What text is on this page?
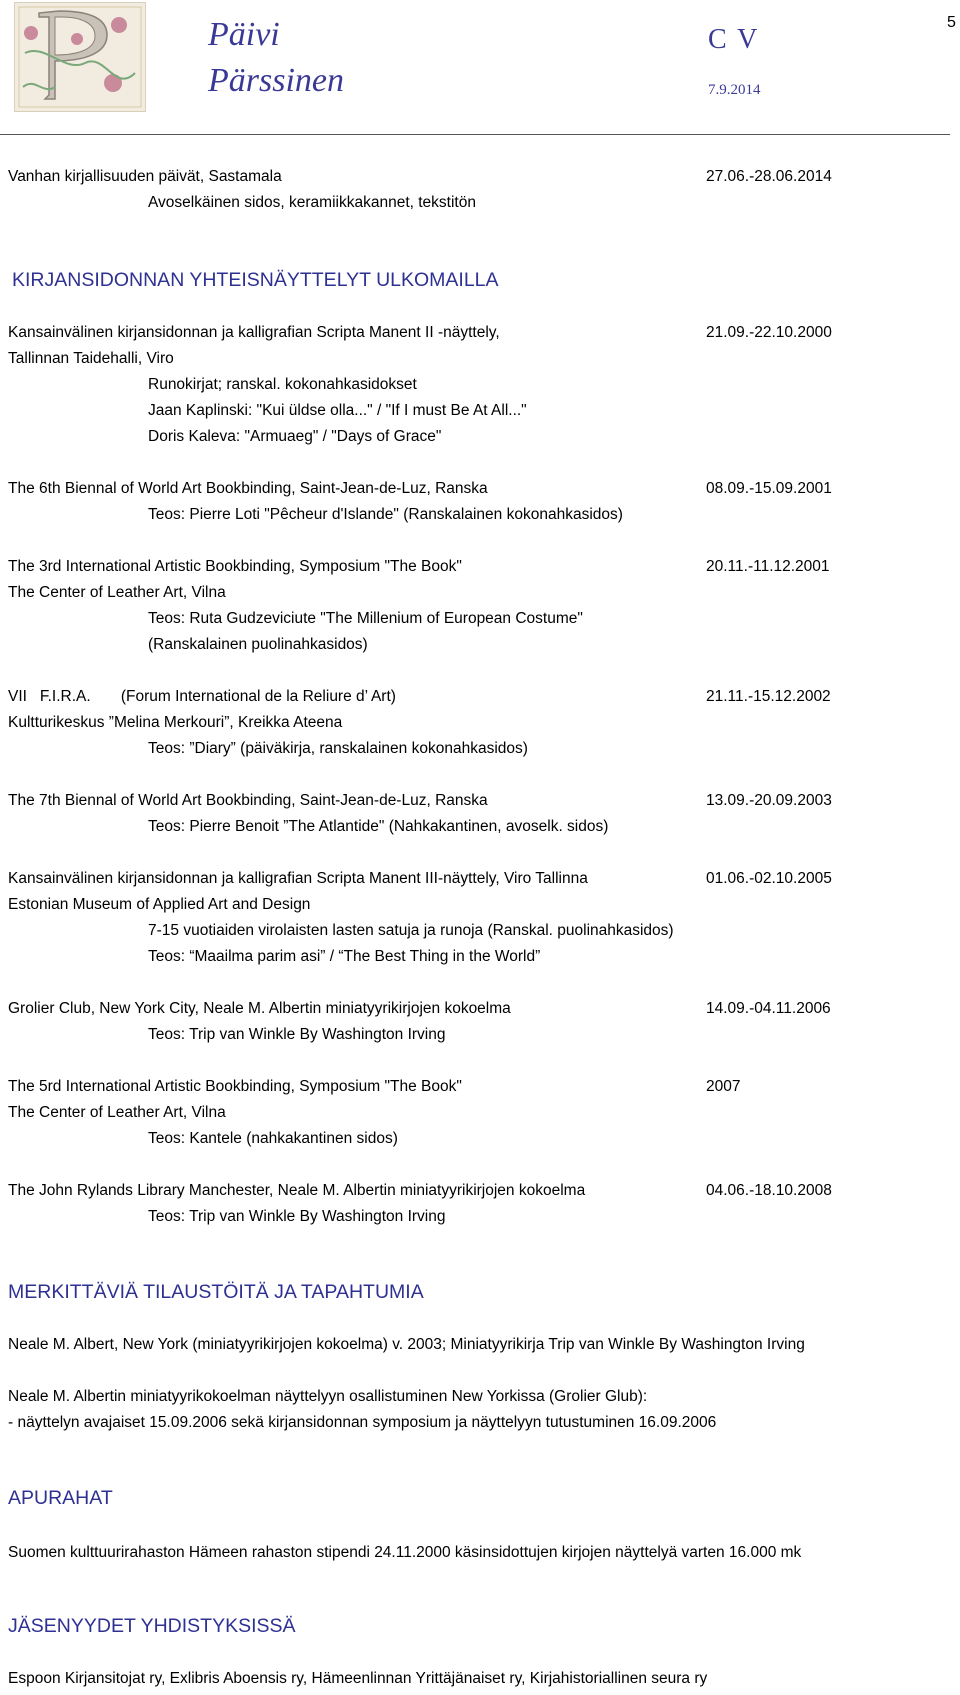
Päivi
Pärssinen
C V
7.9.2014
5
Vanhan kirjallisuuden päivät, Sastamala	27.06.-28.06.2014
Avoselkäinen sidos, keramiikkakannet, tekstitön
KIRJANSIDONNAN YHTEISNÄYTTELYT ULKOMAILLA
Kansainvälinen kirjansidonnan ja kalligrafian Scripta Manent II -näyttely,	21.09.-22.10.2000
Tallinnan Taidehalli, Viro
Runokirjat; ranskal. kokonahkasidokset
Jaan Kaplinski: "Kui üldse olla..." / "If I must Be At All..."
Doris Kaleva: "Armuaeg" / "Days of Grace"
The 6th Biennal of World Art Bookbinding, Saint-Jean-de-Luz, Ranska	08.09.-15.09.2001
Teos: Pierre Loti "Pêcheur d'Islande" (Ranskalainen kokonahkasidos)
The 3rd International Artistic Bookbinding, Symposium "The Book"	20.11.-11.12.2001
The Center of Leather Art, Vilna
Teos: Ruta Gudzeviciute "The Millenium of European Costume"
(Ranskalainen puolinahkasidos)
VII   F.I.R.A.       (Forum International de la Reliure d’ Art)	21.11.-15.12.2002
Kultturikeskus ”Melina Merkouri”, Kreikka Ateena
Teos: ”Diary” (päiväkirja, ranskalainen kokonahkasidos)
The 7th Biennal of World Art Bookbinding, Saint-Jean-de-Luz, Ranska	13.09.-20.09.2003
Teos: Pierre Benoit ”The Atlantide" (Nahkakantinen, avoselk. sidos)
Kansainvälinen kirjansidonnan ja kalligrafian Scripta Manent III-näyttely, Viro Tallinna	01.06.-02.10.2005
Estonian Museum of Applied Art and Design
7-15 vuotiaiden virolaisten lasten satuja ja runoja (Ranskal. puolinahkasidos)
Teos: “Maailma parim asi” / “The Best Thing in the World”
Grolier Club, New York City, Neale M. Albertin miniatyyrikirjojen kokoelma	14.09.-04.11.2006
Teos: Trip van Winkle By Washington Irving
The 5rd International Artistic Bookbinding, Symposium "The Book"	2007
The Center of Leather Art, Vilna
Teos: Kantele (nahkakantinen sidos)
The John Rylands Library Manchester, Neale M. Albertin miniatyyrikirjojen kokoelma	04.06.-18.10.2008
Teos: Trip van Winkle By Washington Irving
MERKITTÄVIÄ TILAUSTÖITÄ JA TAPAHTUMIA
Neale M. Albert, New York (miniatyyrikirjojen kokoelma) v. 2003; Miniatyyrikirja Trip van Winkle By Washington Irving
Neale M. Albertin miniatyyrikokoelman näyttelyyn osallistuminen New Yorkissa (Grolier Glub):
- näyttelyn avajaiset 15.09.2006 sekä kirjansidonnan symposium ja näyttelyyn tutustuminen 16.09.2006
APURAHAT
Suomen kulttuurirahaston Hämeen rahaston stipendi 24.11.2000 käsinsidottujen kirjojen näyttelyä varten 16.000 mk
JÄSENYYDET YHDISTYKSISSÄ
Espoon Kirjansitojat ry, Exlibris Aboensis ry, Hämeenlinnan Yrittäjänaiset ry, Kirjahistoriallinen seura ry
